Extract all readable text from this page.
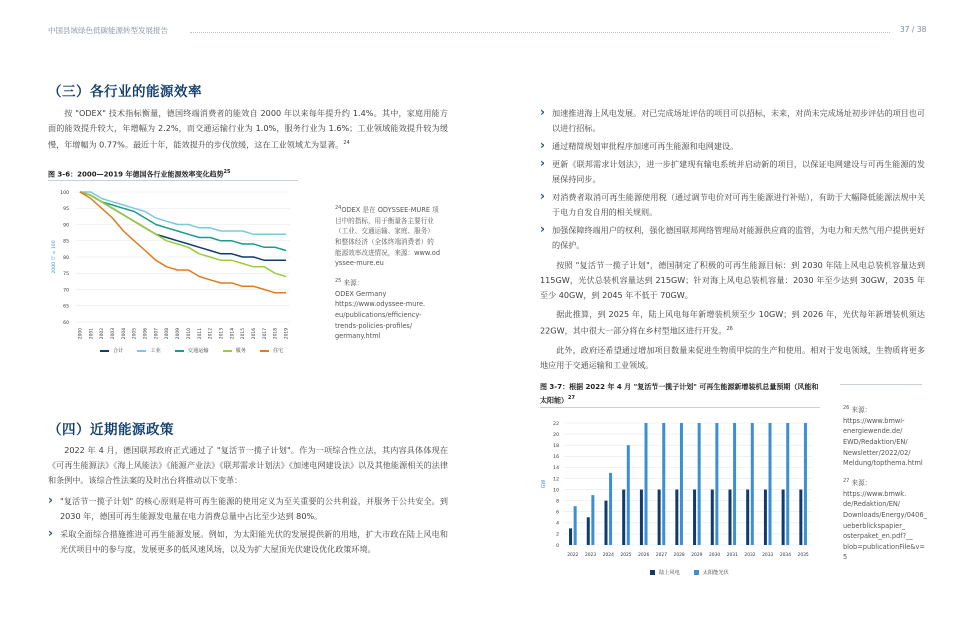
中国县域绿色低碳能源转型发展报告	37 / 38
（三）各行业的能源效率

按 "ODEX" 技术指标衡量，德国终端消费者的能效自 2000 年以来每年提升约 1.4%。其中，家庭用能方面的能效提升较大，年增幅为 2.2%，而交通运输行业为 1.0%，服务行业为 1.6%；工业领域能效提升较为缓慢，年增幅为 0.77%。最近十年，能效提升的步伐放缓，这在工业领域尤为显著。$^{24}$

图 3-6：2000—2019 年德国各行业能源效率变化趋势$^{25}$
60
65
70
75
80
85
90
95
100
2000 年 = 100
2000 2001 2002 2003 2004 2005 2006 2007 2008 2009 2010 2011 2012 2013 2014 2015 2016 2017 2018 2019
合计	工业	交通运输	服务	住宅
$^{24}$ODEX 是在 ODYSSEE-MURE 项目中的指标，用于衡量各主要行业（工业、交通运输、家庭、服务）和整体经济（全体终端消费者）的能源效率改进情况，来源：www.odyssee-mure.eu
$^{25}$ 来源：
ODEX Germany
https://www.odyssee-mure.
eu/publications/efficiency-
trends-policies-profiles/
germany.html
（四）近期能源政策

2022 年 4 月，德国联邦政府正式通过了 "复活节一揽子计划"。作为一项综合性立法，其内容具体体现在《可再生能源法》《海上风能法》《能源产业法》《联邦需求计划法》《加速电网建设法》以及其他能源相关的法律和条例中。该综合性法案的及时出台将推动以下变革：

› "复活节一揽子计划" 的核心原则是将可再生能源的使用定义为至关重要的公共利益，并服务于公共安全。到 2030 年，德国可再生能源发电量在电力消费总量中占比至少达到 80%。
› 采取全面综合措施推进可再生能源发展。例如，为太阳能光伏的发展提供新的用地，扩大市政在陆上风电和光伏项目中的参与度，发展更多的低风速风场，以及为扩大屋顶光伏建设优化政策环境。
› 加速推进海上风电发展。对已完成场址评估的项目可以招标，未来，对尚未完成场址初步评估的项目也可以进行招标。
› 通过精简规划审批程序加速可再生能源和电网建设。
› 更新《联邦需求计划法》，进一步扩建现有输电系统并启动新的项目，以保证电网建设与可再生能源的发展保持同步。
› 对消费者取消可再生能源使用税（通过调节电价对可再生能源进行补贴），有助于大幅降低能源法规中关于电力自发自用的相关规则。
› 加强保障终端用户的权利，强化德国联邦网络管理局对能源供应商的监管，为电力和天然气用户提供更好的保护。

按照 "复活节一揽子计划"，德国制定了积极的可再生能源目标：到 2030 年陆上风电总装机容量达到 115GW，光伏总装机容量达到 215GW；针对海上风电总装机容量：2030 年至少达到 30GW，2035 年至少 40GW，到 2045 年不低于 70GW。

据此推算，到 2025 年，陆上风电每年新增装机须至少 10GW；到 2026 年，光伏每年新增装机须达 22GW，其中很大一部分将在乡村型地区进行开发。$^{26}$

此外，政府还希望通过增加项目数量来促进生物质甲烷的生产和使用。相对于发电领域，生物质将更多地应用于交通运输和工业领域。

图 3-7：根据 2022 年 4 月 "复活节一揽子计划" 可再生能源新增装机总量预期（风能和太阳能）$^{27}$
0
2
4
6
8
10
12
14
16
18
20
22
GW
2022 2023 2024 2025 2026 2027 2028 2029 2030 2031 2032 2033 2034 2035
陆上风电	太阳能光伏
$^{26}$ 来源：
https://www.bmwi-
energiewende.de/
EWD/Redaktion/EN/
Newsletter/2022/02/
Meldung/topthema.html
$^{27}$ 来源：
https://www.bmwk.
de/Redaktion/EN/
Downloads/Energy/0406_
ueberblickspapier_
osterpaket_en.pdf?__
blob=publicationFile&v=5
